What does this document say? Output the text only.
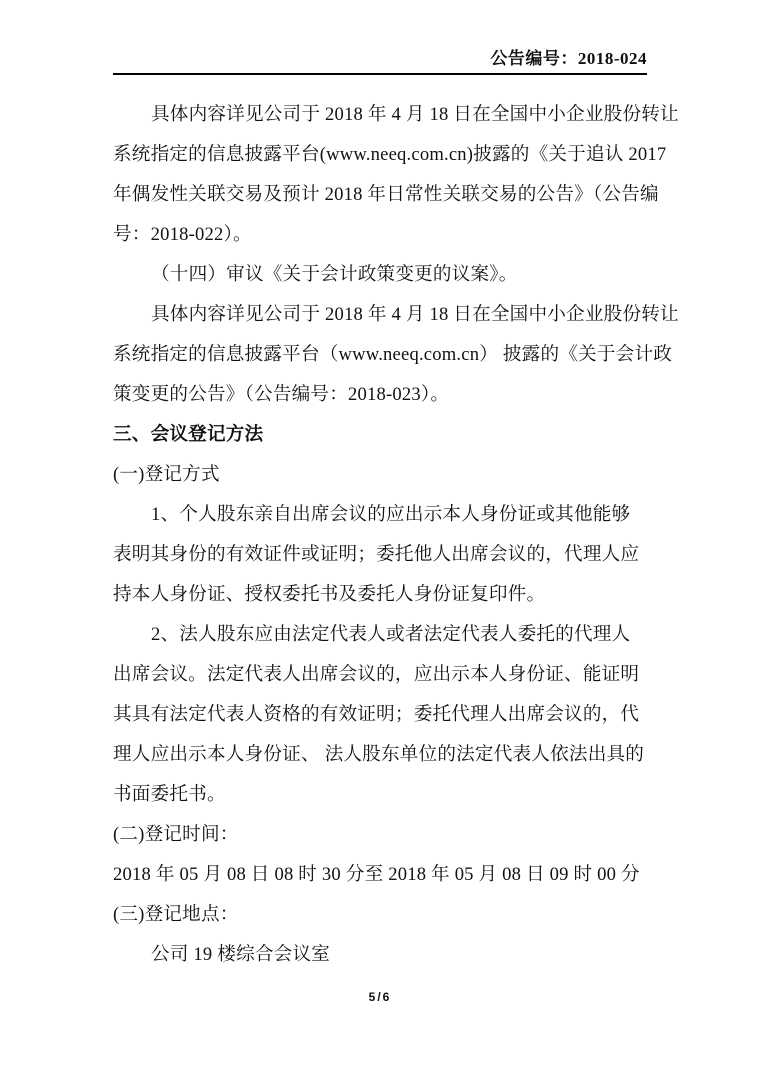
公告编号：2018-024
具体内容详见公司于 2018 年 4 月 18 日在全国中小企业股份转让
系统指定的信息披露平台(www.neeq.com.cn)披露的《关于追认 2017
年偶发性关联交易及预计 2018 年日常性关联交易的公告》（公告编
号：2018-022）。
（十四）审议《关于会计政策变更的议案》。
具体内容详见公司于 2018 年 4 月 18 日在全国中小企业股份转让
系统指定的信息披露平台（www.neeq.com.cn） 披露的《关于会计政
策变更的公告》（公告编号：2018-023）。
三、会议登记方法
(一)登记方式
1、个人股东亲自出席会议的应出示本人身份证或其他能够
表明其身份的有效证件或证明；委托他人出席会议的，代理人应
持本人身份证、授权委托书及委托人身份证复印件。
2、法人股东应由法定代表人或者法定代表人委托的代理人
出席会议。法定代表人出席会议的，应出示本人身份证、能证明
其具有法定代表人资格的有效证明；委托代理人出席会议的，代
理人应出示本人身份证、 法人股东单位的法定代表人依法出具的
书面委托书。
(二)登记时间：
2018 年 05 月 08 日 08 时 30 分至 2018 年 05 月 08 日 09 时 00 分
(三)登记地点：
公司 19 楼综合会议室
5/6
